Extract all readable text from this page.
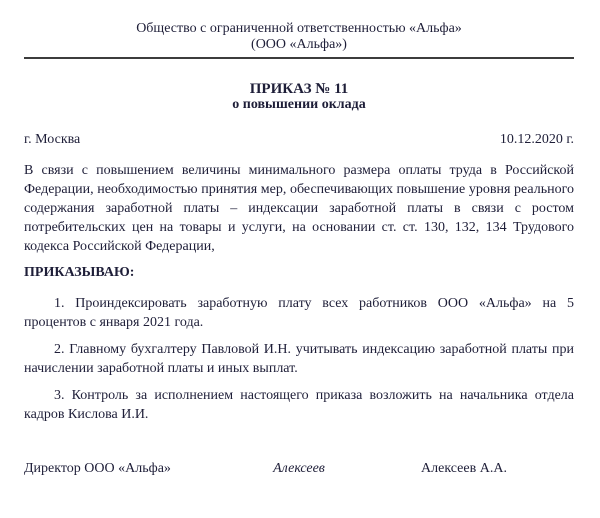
Общество с ограниченной ответственностью «Альфа»
(ООО «Альфа»)
ПРИКАЗ № 11
о повышении оклада
г. Москва	10.12.2020 г.

В связи с повышением величины минимального размера оплаты труда в Российской Федерации, необходимостью принятия мер, обеспечивающих повышение уровня реального содержания заработной платы – индексации заработной платы в связи с ростом потребительских цен на товары и услуги, на основании ст. ст. 130, 132, 134 Трудового кодекса Российской Федерации,

ПРИКАЗЫВАЮ:

1. Проиндексировать заработную плату всех работников ООО «Альфа» на 5 процентов с января 2021 года.

2. Главному бухгалтеру Павловой И.Н. учитывать индексацию заработной платы при начислении заработной платы и иных выплат.

3. Контроль за исполнением настоящего приказа возложить на начальника отдела кадров Кислова И.И.

Директор ООО «Альфа»	Алексеев	Алексеев А.А.
